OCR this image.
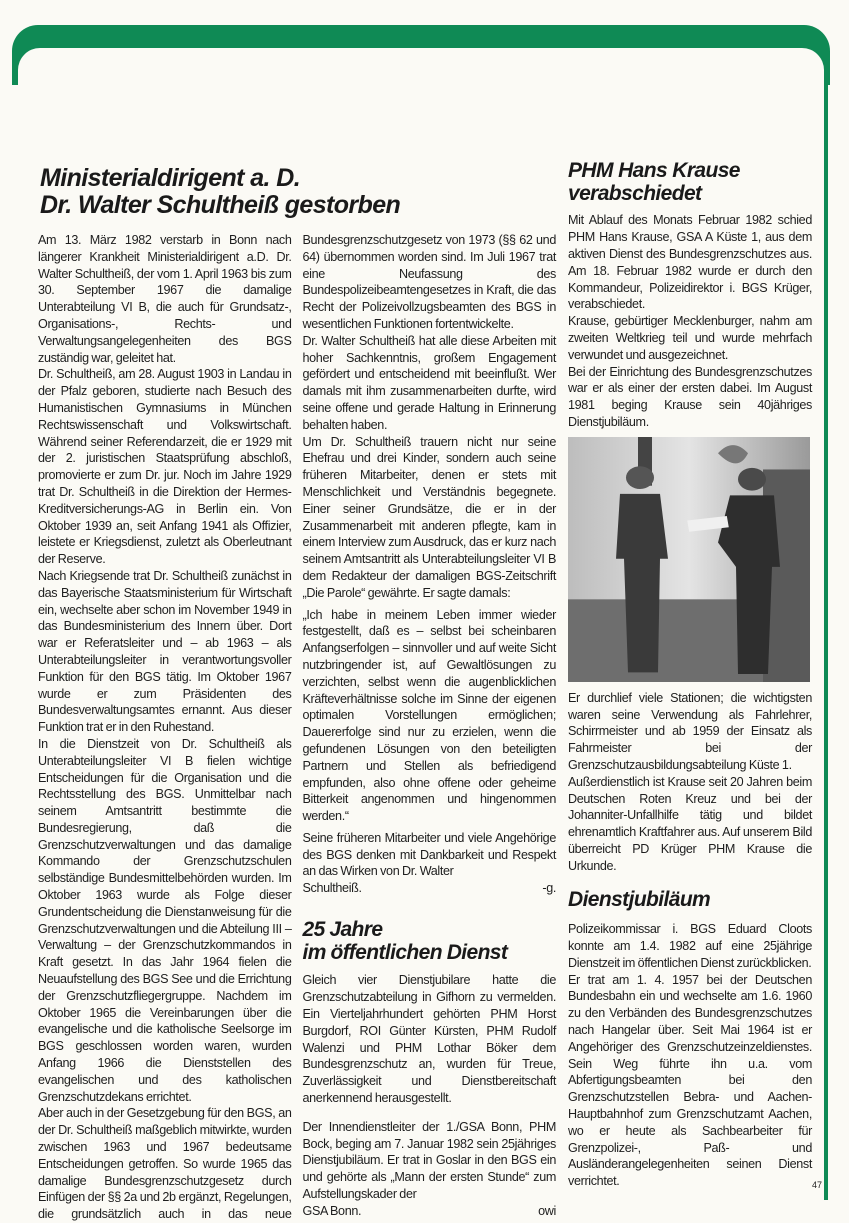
Ministerialdirigent a. D.
Dr. Walter Schultheiß gestorben

Am 13. März 1982 verstarb in Bonn nach längerer Krankheit Ministerialdirigent a.D. Dr. Walter Schultheiß, der vom 1. April 1963 bis zum 30. September 1967 die damalige Unterabteilung VI B, die auch für Grundsatz-, Organisations-, Rechts- und Verwaltungsangelegenheiten des BGS zuständig war, geleitet hat.

Dr. Schultheiß, am 28. August 1903 in Landau in der Pfalz geboren, studierte nach Besuch des Humanistischen Gymnasiums in München Rechtswissenschaft und Volkswirtschaft. Während seiner Referendarzeit, die er 1929 mit der 2. juristischen Staatsprüfung abschloß, promovierte er zum Dr. jur. Noch im Jahre 1929 trat Dr. Schultheiß in die Direktion der Hermes-Kreditversicherungs-AG in Berlin ein. Von Oktober 1939 an, seit Anfang 1941 als Offizier, leistete er Kriegsdienst, zuletzt als Oberleutnant der Reserve.

Nach Kriegsende trat Dr. Schultheiß zunächst in das Bayerische Staatsministerium für Wirtschaft ein, wechselte aber schon im November 1949 in das Bundesministerium des Innern über. Dort war er Referatsleiter und – ab 1963 – als Unterabteilungsleiter in verantwortungsvoller Funktion für den BGS tätig. Im Oktober 1967 wurde er zum Präsidenten des Bundesverwaltungsamtes ernannt. Aus dieser Funktion trat er in den Ruhestand.

In die Dienstzeit von Dr. Schultheiß als Unterabteilungsleiter VI B fielen wichtige Entscheidungen für die Organisation und die Rechtsstellung des BGS. Unmittelbar nach seinem Amtsantritt bestimmte die Bundesregierung, daß die Grenzschutzverwaltungen und das damalige Kommando der Grenzschutzschulen selbständige Bundesmittelbehörden wurden. Im Oktober 1963 wurde als Folge dieser Grundentscheidung die Dienstanweisung für die Grenzschutzverwaltungen und die Abteilung III – Verwaltung – der Grenzschutzkommandos in Kraft gesetzt. In das Jahr 1964 fielen die Neuaufstellung des BGS See und die Errichtung der Grenzschutzfliegergruppe. Nachdem im Oktober 1965 die Vereinbarungen über die evangelische und die katholische Seelsorge im BGS geschlossen worden waren, wurden Anfang 1966 die Dienststellen des evangelischen und des katholischen Grenzschutzdekans errichtet.

Aber auch in der Gesetzgebung für den BGS, an der Dr. Schultheiß maßgeblich mitwirkte, wurden zwischen 1963 und 1967 bedeutsame Entscheidungen getroffen. So wurde 1965 das damalige Bundesgrenzschutzgesetz durch Einfügen der §§ 2a und 2b ergänzt, Regelungen, die grundsätzlich auch in das neue Bundesgrenzschutzgesetz von 1973 (§§ 62 und 64) übernommen worden sind. Im Juli 1967 trat eine Neufassung des Bundespolizeibeamtengesetzes in Kraft, die das Recht der Polizeivollzugsbeamten des BGS in wesentlichen Funktionen fortentwickelte.

Dr. Walter Schultheiß hat alle diese Arbeiten mit hoher Sachkenntnis, großem Engagement gefördert und entscheidend mit beeinflußt. Wer damals mit ihm zusammenarbeiten durfte, wird seine offene und gerade Haltung in Erinnerung behalten haben.

Um Dr. Schultheiß trauern nicht nur seine Ehefrau und drei Kinder, sondern auch seine früheren Mitarbeiter, denen er stets mit Menschlichkeit und Verständnis begegnete. Einer seiner Grundsätze, die er in der Zusammenarbeit mit anderen pflegte, kam in einem Interview zum Ausdruck, das er kurz nach seinem Amtsantritt als Unterabteilungsleiter VI B dem Redakteur der damaligen BGS-Zeitschrift „Die Parole“ gewährte. Er sagte damals:

„Ich habe in meinem Leben immer wieder festgestellt, daß es – selbst bei scheinbaren Anfangserfolgen – sinnvoller und auf weite Sicht nutzbringender ist, auf Gewaltlösungen zu verzichten, selbst wenn die augenblicklichen Kräfteverhältnisse solche im Sinne der eigenen optimalen Vorstellungen ermöglichen; Dauererfolge sind nur zu erzielen, wenn die gefundenen Lösungen von den beteiligten Partnern und Stellen als befriedigend empfunden, also ohne offene oder geheime Bitterkeit angenommen und hingenommen werden.“

Seine früheren Mitarbeiter und viele Angehörige des BGS denken mit Dankbarkeit und Respekt an das Wirken von Dr. Walter

Schultheiß.	-g.

25 Jahre
im öffentlichen Dienst

Gleich vier Dienstjubilare hatte die Grenzschutzabteilung in Gifhorn zu vermelden. Ein Vierteljahrhundert gehörten PHM Horst Burgdorf, ROI Günter Kürsten, PHM Rudolf Walenzi und PHM Lothar Böker dem Bundesgrenzschutz an, wurden für Treue, Zuverlässigkeit und Dienstbereitschaft anerkennend herausgestellt.

Der Innendienstleiter der 1./GSA Bonn, PHM Bock, beging am 7. Januar 1982 sein 25jähriges Dienstjubiläum. Er trat in Goslar in den BGS ein und gehörte als „Mann der ersten Stunde“ zum Aufstellungskader der

GSA Bonn.	owi

PHM Hans Krause
verabschiedet

Mit Ablauf des Monats Februar 1982 schied PHM Hans Krause, GSA A Küste 1, aus dem aktiven Dienst des Bundesgrenzschutzes aus. Am 18. Februar 1982 wurde er durch den Kommandeur, Polizeidirektor i. BGS Krüger, verabschiedet.

Krause, gebürtiger Mecklenburger, nahm am zweiten Weltkrieg teil und wurde mehrfach verwundet und ausgezeichnet.

Bei der Einrichtung des Bundesgrenzschutzes war er als einer der ersten dabei. Im August 1981 beging Krause sein 40jähriges Dienstjubiläum.

Er durchlief viele Stationen; die wichtigsten waren seine Verwendung als Fahrlehrer, Schirrmeister und ab 1959 der Einsatz als Fahrmeister bei der Grenzschutzausbildungsabteilung Küste 1.

Außerdienstlich ist Krause seit 20 Jahren beim Deutschen Roten Kreuz und bei der Johanniter-Unfallhilfe tätig und bildet ehrenamtlich Kraftfahrer aus. Auf unserem Bild überreicht PD Krüger PHM Krause die Urkunde.

Dienstjubiläum

Polizeikommissar i. BGS Eduard Cloots konnte am 1.4. 1982 auf eine 25jährige Dienstzeit im öffentlichen Dienst zurückblicken.

Er trat am 1. 4. 1957 bei der Deutschen Bundesbahn ein und wechselte am 1.6. 1960 zu den Verbänden des Bundesgrenzschutzes nach Hangelar über. Seit Mai 1964 ist er Angehöriger des Grenzschutzeinzeldienstes. Sein Weg führte ihn u.a. vom Abfertigungsbeamten bei den Grenzschutzstellen Bebra- und Aachen-Hauptbahnhof zum Grenzschutzamt Aachen, wo er heute als Sachbearbeiter für Grenzpolizei-, Paß- und Ausländerangelegenheiten seinen Dienst verrichtet.	47
